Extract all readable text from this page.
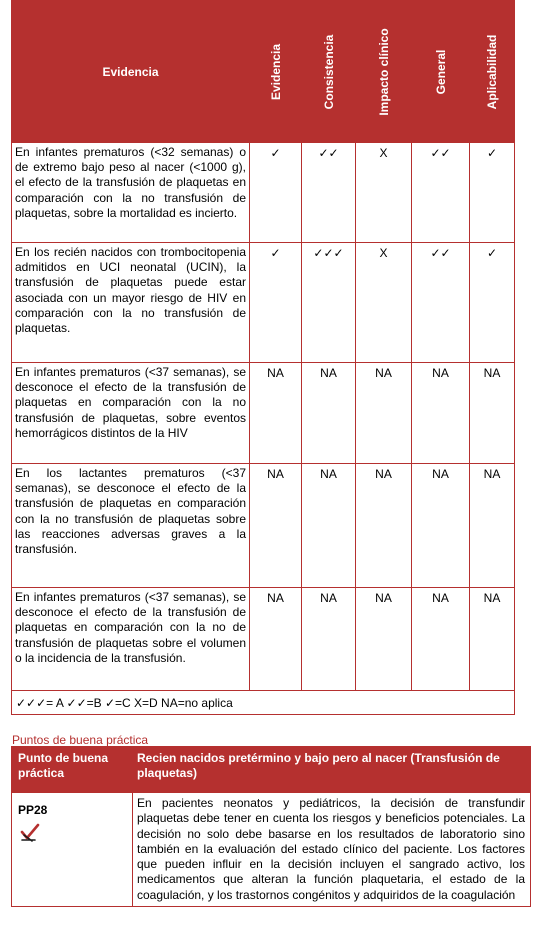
Evidencia	Evidencia	Consistencia	Impacto clínico	General	Aplicabilidad

En infantes prematuros (<32 semanas) o de extremo bajo peso al nacer (<1000 g), el efecto de la transfusión de plaquetas en comparación con la no transfusión de plaquetas, sobre la mortalidad es incierto.	✓	✓✓	X	✓✓	✓
En los recién nacidos con trombocitopenia admitidos en UCI neonatal (UCIN), la transfusión de plaquetas puede estar asociada con un mayor riesgo de HIV en comparación con la no transfusión de plaquetas.	✓	✓✓✓	X	✓✓	✓
En infantes prematuros (<37 semanas), se desconoce el efecto de la transfusión de plaquetas en comparación con la no transfusión de plaquetas, sobre eventos hemorrágicos distintos de la HIV	NA	NA	NA	NA	NA
En los lactantes prematuros (<37 semanas), se desconoce el efecto de la transfusión de plaquetas en comparación con la no transfusión de plaquetas sobre las reacciones adversas graves a la transfusión.	NA	NA	NA	NA	NA
En infantes prematuros (<37 semanas), se desconoce el efecto de la transfusión de plaquetas en comparación con la no de transfusión de plaquetas sobre el volumen o la incidencia de la transfusión.	NA	NA	NA	NA	NA
✓✓✓= A ✓✓=B ✓=C X=D NA=no aplica					
Puntos de buena práctica
Punto de buena práctica	Recien nacidos pretérmino y bajo pero al nacer (Transfusión de plaquetas)

PP28	En pacientes neonatos y pediátricos, la decisión de transfundir plaquetas debe tener en cuenta los riesgos y beneficios potenciales. La decisión no solo debe basarse en los resultados de laboratorio sino también en la evaluación del estado clínico del paciente. Los factores que pueden influir en la decisión incluyen el sangrado activo, los medicamentos que alteran la función plaquetaria, el estado de la coagulación, y los trastornos congénitos y adquiridos de la coagulación
